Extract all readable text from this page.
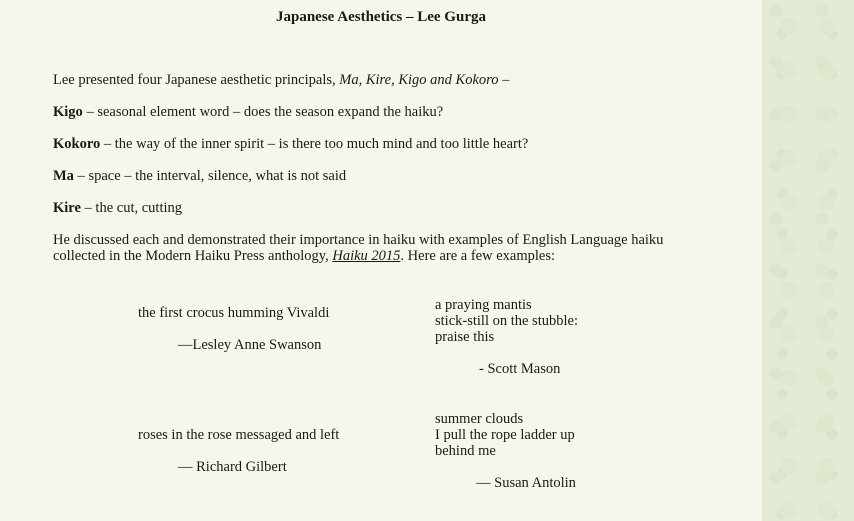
Japanese Aesthetics – Lee Gurga
Lee presented four Japanese aesthetic principals, Ma, Kire, Kigo and Kokoro –
Kigo – seasonal element word – does the season expand the haiku?
Kokoro – the way of the inner spirit – is there too much mind and too little heart?
Ma – space – the interval, silence, what is not said
Kire – the cut, cutting
He discussed each and demonstrated their importance in haiku with examples of English Language haiku
collected in the Modern Haiku Press anthology, Haiku 2015. Here are a few examples:
the first crocus humming Vivaldi
—Lesley Anne Swanson
a praying mantis
stick-still on the stubble:
praise this
- Scott Mason
roses in the rose messaged and left
— Richard Gilbert
summer clouds
I pull the rope ladder up
behind me
— Susan Antolin
